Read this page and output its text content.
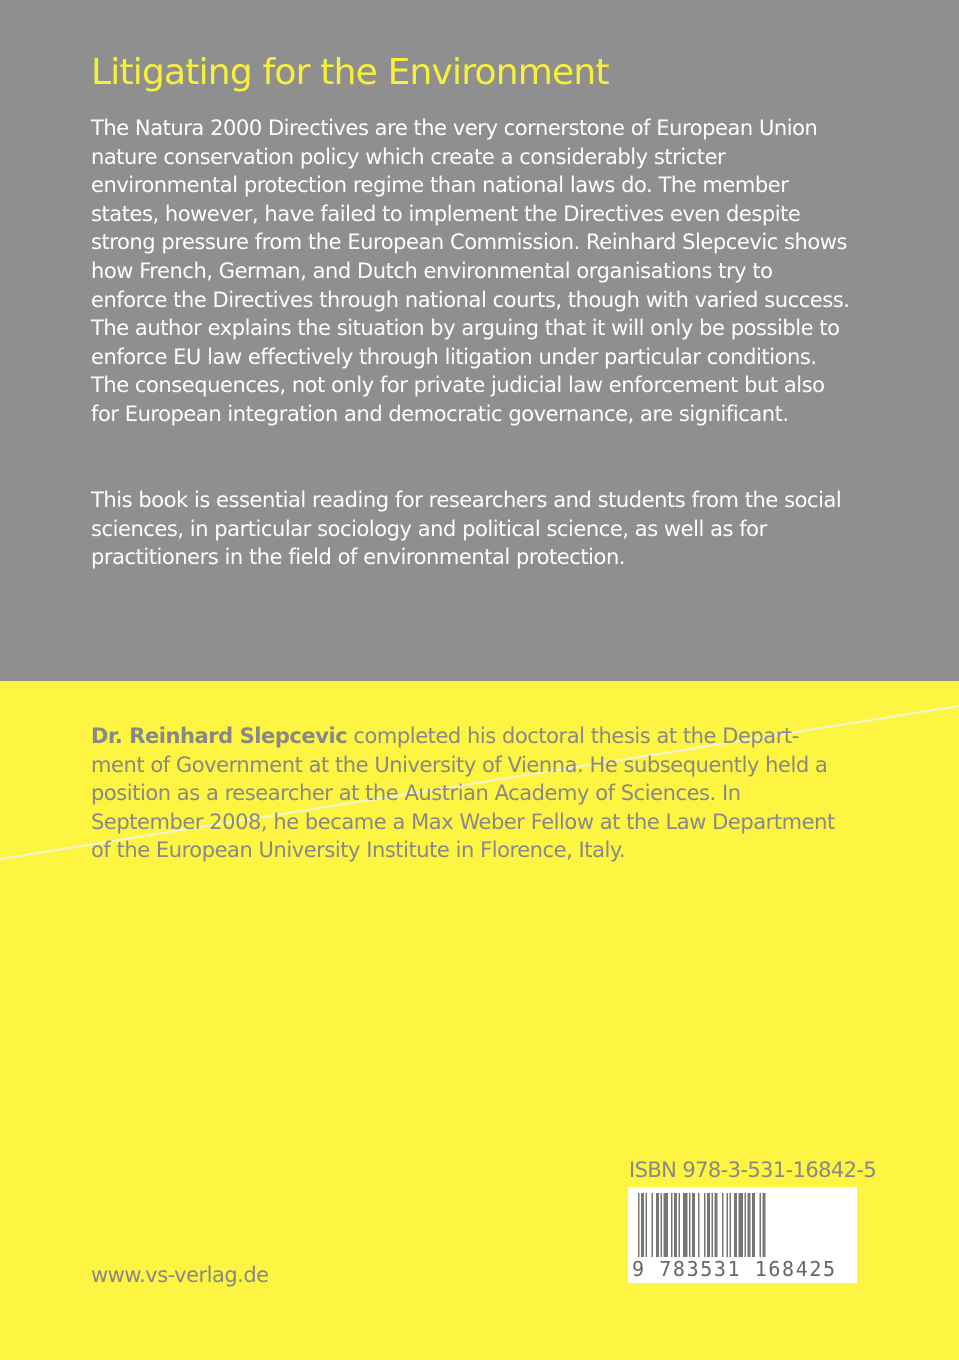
Litigating for the Environment

The Natura 2000 Directives are the very cornerstone of European Union nature conservation policy which create a considerably stricter environmental protection regime than national laws do. The member states, however, have failed to implement the Directives even despite strong pressure from the European Commission. Reinhard Slepcevic shows how French, German, and Dutch environmental organisations try to enforce the Directives through national courts, though with varied success. The author explains the situation by arguing that it will only be possible to enforce EU law effectively through litigation under particular conditions. The consequences, not only for private judicial law enforcement but also for European integration and democratic governance, are significant.

This book is essential reading for researchers and students from the social sciences, in particular sociology and political science, as well as for practitioners in the field of environmental protection.

Dr. Reinhard Slepcevic completed his doctoral thesis at the Depart-ment of Government at the University of Vienna. He subsequently held a position as a researcher at the Austrian Academy of Sciences. In September 2008, he became a Max Weber Fellow at the Law Department of the European University Institute in Florence, Italy.

ISBN 978-3-531-16842-5

9 783531 168425

www.vs-verlag.de
